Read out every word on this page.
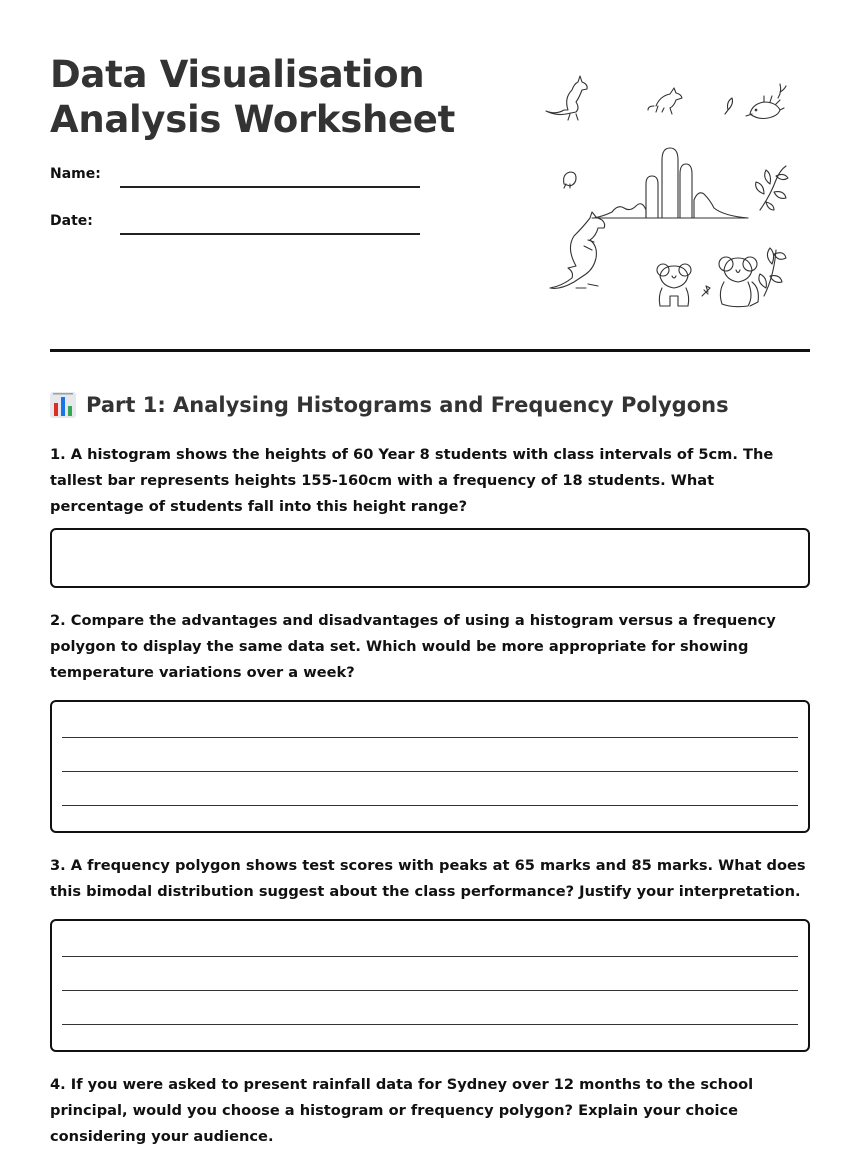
Data Visualisation
Analysis Worksheet
Name:
Date:
Part 1: Analysing Histograms and Frequency Polygons

1. A histogram shows the heights of 60 Year 8 students with class intervals of 5cm. The tallest bar represents heights 155-160cm with a frequency of 18 students. What percentage of students fall into this height range?

2. Compare the advantages and disadvantages of using a histogram versus a frequency polygon to display the same data set. Which would be more appropriate for showing temperature variations over a week?

3. A frequency polygon shows test scores with peaks at 65 marks and 85 marks. What does this bimodal distribution suggest about the class performance? Justify your interpretation.

4. If you were asked to present rainfall data for Sydney over 12 months to the school principal, would you choose a histogram or frequency polygon? Explain your choice considering your audience.
